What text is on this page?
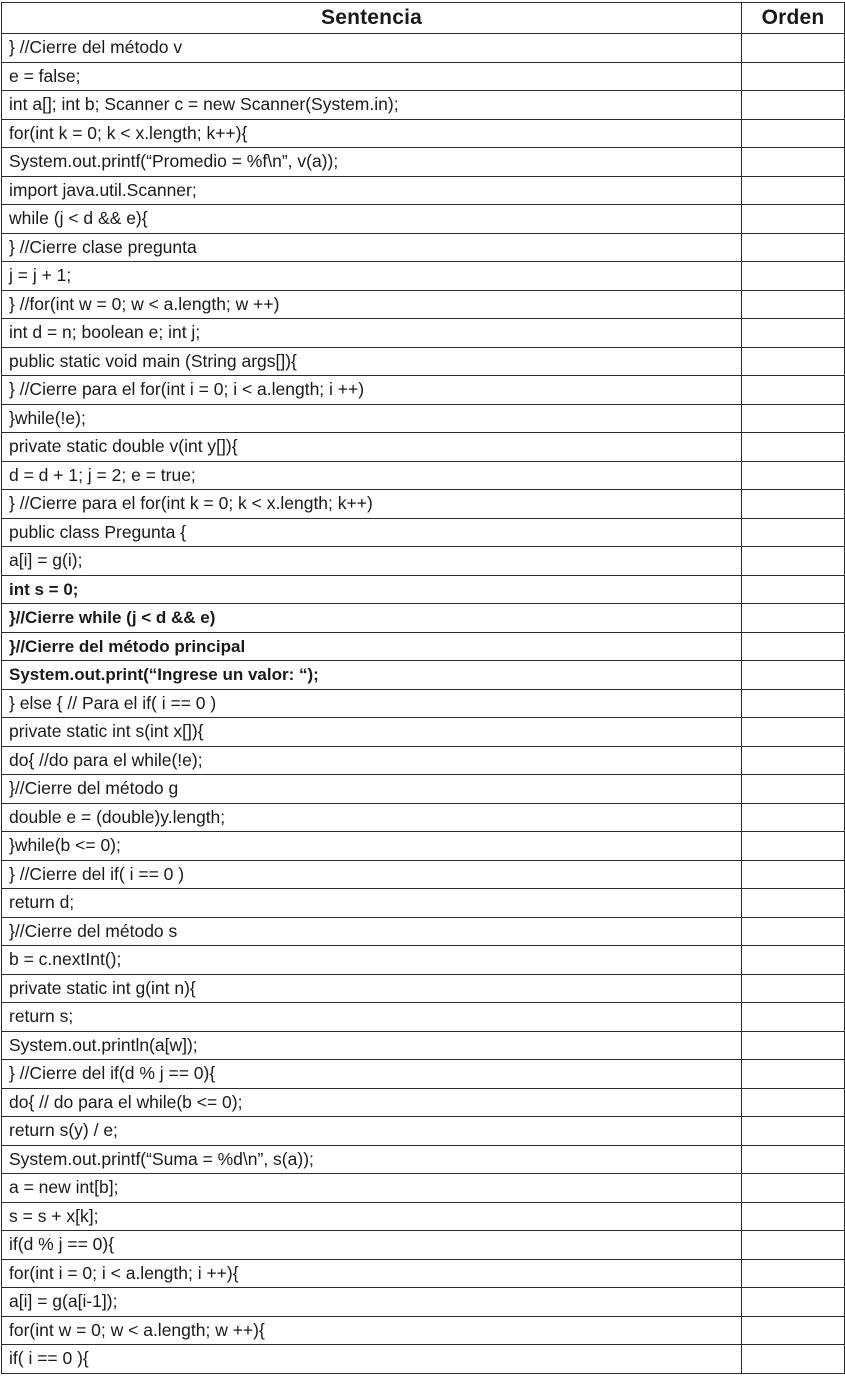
Sentencia	Orden
} //Cierre del método v	
e = false;	
int a[]; int b; Scanner c = new Scanner(System.in);	
for(int k = 0; k < x.length; k++){	
System.out.printf(“Promedio = %f\n”, v(a));	
import java.util.Scanner;	
while (j < d && e){	
} //Cierre clase pregunta	
j = j + 1;	
} //for(int w = 0; w < a.length; w ++)	
int d = n; boolean e; int j;	
public static void main (String args[]){	
} //Cierre para el for(int i = 0; i < a.length; i ++)	
}while(!e);	
private static double v(int y[]){	
d = d + 1; j = 2; e = true;	
} //Cierre para el for(int k = 0; k < x.length; k++)	
public class Pregunta {	
a[i] = g(i);	
int s = 0;	
}//Cierre while (j < d && e)	
}//Cierre del método principal	
System.out.print(“Ingrese un valor: “);	
} else { // Para el if( i == 0 )	
private static int s(int x[]){	
do{ //do para el while(!e);	
}//Cierre del método g	
double e = (double)y.length;	
}while(b <= 0);	
} //Cierre del if( i == 0 )	
return d;	
}//Cierre del método s	
b = c.nextInt();	
private static int g(int n){	
return s;	
System.out.println(a[w]);	
} //Cierre del if(d % j == 0){	
do{ // do para el while(b <= 0);	
return s(y) / e;	
System.out.printf(“Suma = %d\n”, s(a));	
a = new int[b];	
s = s + x[k];	
if(d % j == 0){	
for(int i = 0; i < a.length; i ++){	
a[i] = g(a[i-1]);	
for(int w = 0; w < a.length; w ++){	
if( i == 0 ){	
